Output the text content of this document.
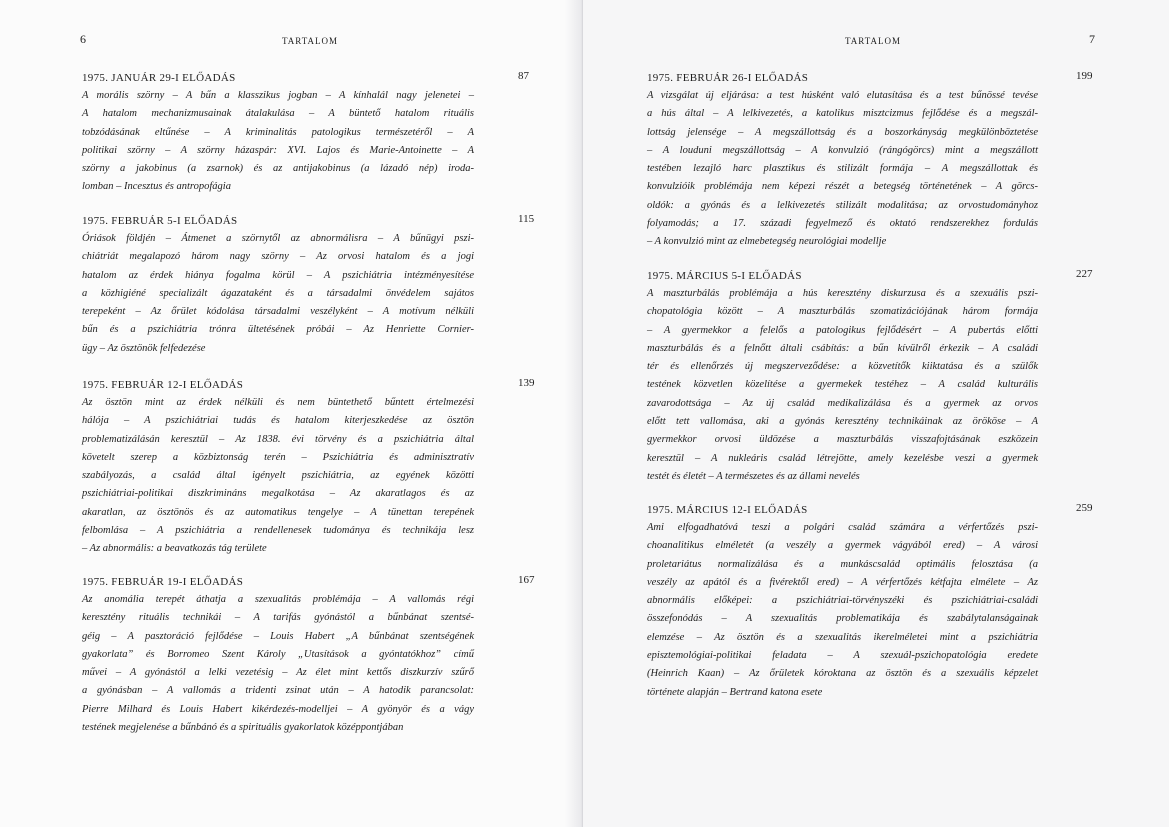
6	TARTALOM
1975. JANUÁR 29-I ELŐADÁS	87
A morális szörny – A bűn a klasszikus jogban – A kínhalál nagy jelenetei –
A hatalom mechanizmusainak átalakulása – A büntető hatalom rituális
tobzódásának eltűnése – A kriminalitás patologikus természetéről – A
politikai szörny – A szörny házaspár: XVI. Lajos és Marie-Antoinette – A
szörny a jakobinus (a zsarnok) és az antijakobinus (a lázadó nép) iroda-
lomban – Incesztus és antropofágia
1975. FEBRUÁR 5-I ELŐADÁS	115
Óriások földjén – Átmenet a szörnytől az abnormálisra – A bűnügyi pszi-
chiátriát megalapozó három nagy szörny – Az orvosi hatalom és a jogi
hatalom az érdek hiánya fogalma körül – A pszichiátria intézményesítése
a közhigiéné specializált ágazataként és a társadalmi önvédelem sajátos
terepeként – Az őrület kódolása társadalmi veszélyként – A motívum nélküli
bűn és a pszichiátria trónra ültetésének próbái – Az Henriette Cornier-
ügy – Az ösztönök felfedezése
1975. FEBRUÁR 12-I ELŐADÁS	139
Az ösztön mint az érdek nélküli és nem büntethető bűntett értelmezési
hálója – A pszichiátriai tudás és hatalom kiterjeszkedése az ösztön
problematizálásán keresztül – Az 1838. évi törvény és a pszichiátria által
követelt szerep a közbiztonság terén – Pszichiátria és adminisztratív
szabályozás, a család által igényelt pszichiátria, az egyének közötti
pszichiátriai-politikai diszkrimináns megalkotása – Az akaratlagos és az
akaratlan, az ösztönös és az automatikus tengelye – A tünettan terepének
felbomlása – A pszichiátria a rendellenesek tudománya és technikája lesz
– Az abnormális: a beavatkozás tág területe
1975. FEBRUÁR 19-I ELŐADÁS	167
Az anomália terepét áthatja a szexualitás problémája – A vallomás régi
keresztény rituális technikái – A tarifás gyónástól a bűnbánat szentsé-
géig – A pasztoráció fejlődése – Louis Habert „A bűnbánat szentségének
gyakorlata” és Borromeo Szent Károly „Utasítások a gyóntatókhoz” című
művei – A gyónástól a lelki vezetésig – Az élet mint kettős diszkurzív szűrő
a gyónásban – A vallomás a tridenti zsinat után – A hatodik parancsolat:
Pierre Milhard és Louis Habert kikérdezés-modelljei – A gyönyör és a vágy
testének megjelenése a bűnbánó és a spirituális gyakorlatok középpontjában
7
TARTALOM
1975. FEBRUÁR 26-I ELŐADÁS	199
A vizsgálat új eljárása: a test húsként való elutasítása és a test bűnössé tevése
a hús által – A lelkivezetés, a katolikus misztcizmus fejlődése és a megszál-
lottság jelensége – A megszállottság és a boszorkányság megkülönböztetése
– A louduni megszállottság – A konvulzió (rángógörcs) mint a megszállott
testében lezajló harc plasztikus és stilizált formája – A megszállottak és
konvulzióik problémája nem képezi részét a betegség történetének – A görcs-
oldók: a gyónás és a lelkivezetés stilizált modalitása; az orvostudományhoz
folyamodás; a 17. századi fegyelmező és oktató rendszerekhez fordulás
– A konvulzió mint az elmebetegség neurológiai modellje
1975. MÁRCIUS 5-I ELŐADÁS	227
A maszturbálás problémája a hús keresztény diskurzusa és a szexuális pszi-
chopatológia között – A maszturbálás szomatizációjának három formája
– A gyermekkor a felelős a patologikus fejlődésért – A pubertás előtti
maszturbálás és a felnőtt általi csábítás: a bűn kívülről érkezik – A családi
tér és ellenőrzés új megszerveződése: a közvetítők kiiktatása és a szülők
testének közvetlen közelítése a gyermekek testéhez – A család kulturális
zavarodottsága – Az új család medikalizálása és a gyermek az orvos
előtt tett vallomása, aki a gyónás keresztény technikáinak az örököse – A
gyermekkor orvosi üldözése a maszturbálás visszafojtásának eszközein
keresztül – A nukleáris család létrejötte, amely kezelésbe veszi a gyermek
testét és életét – A természetes és az állami nevelés
1975. MÁRCIUS 12-I ELŐADÁS	259
Ami elfogadhatóvá teszi a polgári család számára a vérfertőzés pszi-
choanalitikus elméletét (a veszély a gyermek vágyából ered) – A városi
proletariátus normalizálása és a munkáscsalád optimális felosztása (a
veszély az apától és a fivérektől ered) – A vérfertőzés kétfajta elmélete – Az
abnormális előképei: a pszichiátriai-törvényszéki és pszichiátriai-családi
összefonódás – A szexualitás problematikája és szabálytalanságainak
elemzése – Az ösztön és a szexualitás ikerelméletei mint a pszichiátria
episztemológiai-politikai feladata – A szexuál-pszichopatológia eredete
(Heinrich Kaan) – Az őrületek kóroktana az ösztön és a szexuális képzelet
története alapján – Bertrand katona esete
